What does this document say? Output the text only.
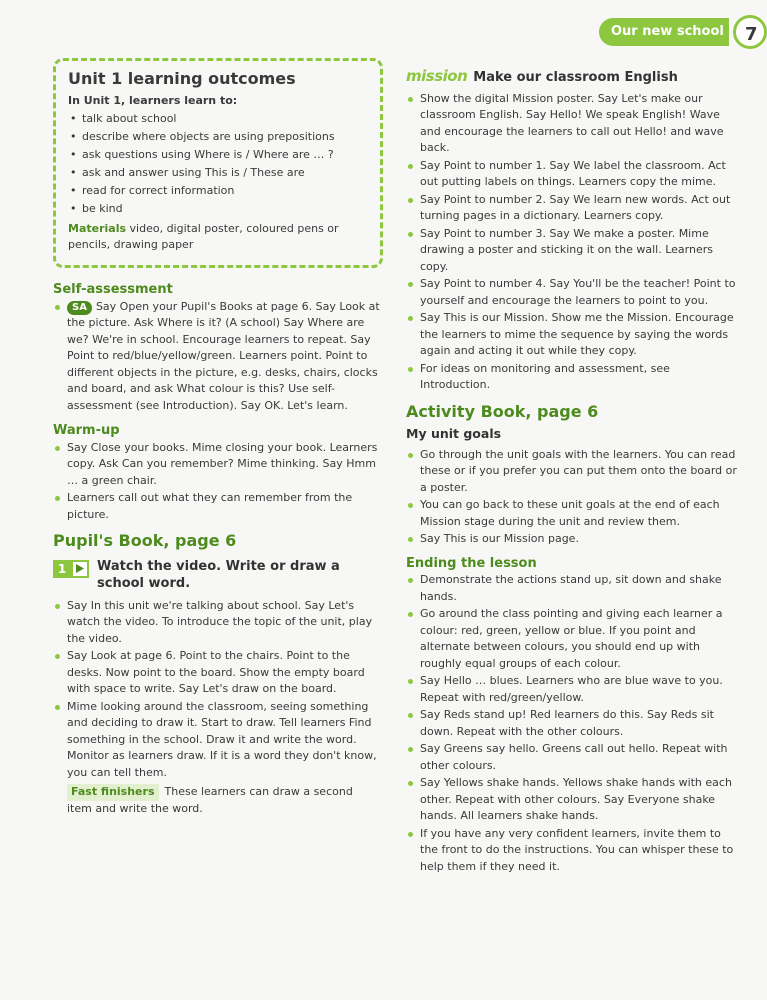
Our new school	7
Unit 1 learning outcomes
In Unit 1, learners learn to:
• talk about school
• describe where objects are using prepositions
• ask questions using Where is / Where are … ?
• ask and answer using This is / These are
• read for correct information
• be kind
Materials video, digital poster, coloured pens or pencils, drawing paper

Self-assessment

SA Say Open your Pupil's Books at page 6. Say Look at the picture. Ask Where is it? (A school) Say Where are we? We're in school. Encourage learners to repeat. Say Point to red/blue/yellow/green. Learners point. Point to different objects in the picture, e.g. desks, chairs, clocks and board, and ask What colour is this? Use self-assessment (see Introduction). Say OK. Let's learn.

Warm-up

Say Close your books. Mime closing your book. Learners copy. Ask Can you remember? Mime thinking. Say Hmm … a green chair.
Learners call out what they can remember from the picture.

Pupil's Book, page 6

1	Watch the video. Write or draw a school word.
Say In this unit we're talking about school. Say Let's watch the video. To introduce the topic of the unit, play the video.
Say Look at page 6. Point to the chairs. Point to the desks. Now point to the board. Show the empty board with space to write. Say Let's draw on the board.
Mime looking around the classroom, seeing something and deciding to draw it. Start to draw. Tell learners Find something in the school. Draw it and write the word. Monitor as learners draw. If it is a word they don't know, you can tell them.
Fast finishers These learners can draw a second item and write the word.
mission Make our classroom English
Show the digital Mission poster. Say Let's make our classroom English. Say Hello! We speak English! Wave and encourage the learners to call out Hello! and wave back.
Say Point to number 1. Say We label the classroom. Act out putting labels on things. Learners copy the mime.
Say Point to number 2. Say We learn new words. Act out turning pages in a dictionary. Learners copy.
Say Point to number 3. Say We make a poster. Mime drawing a poster and sticking it on the wall. Learners copy.
Say Point to number 4. Say You'll be the teacher! Point to yourself and encourage the learners to point to you.
Say This is our Mission. Show me the Mission. Encourage the learners to mime the sequence by saying the words again and acting it out while they copy.
For ideas on monitoring and assessment, see Introduction.

Activity Book, page 6

My unit goals

Go through the unit goals with the learners. You can read these or if you prefer you can put them onto the board or a poster.
You can go back to these unit goals at the end of each Mission stage during the unit and review them.
Say This is our Mission page.

Ending the lesson

Demonstrate the actions stand up, sit down and shake hands.
Go around the class pointing and giving each learner a colour: red, green, yellow or blue. If you point and alternate between colours, you should end up with roughly equal groups of each colour.
Say Hello … blues. Learners who are blue wave to you. Repeat with red/green/yellow.
Say Reds stand up! Red learners do this. Say Reds sit down. Repeat with the other colours.
Say Greens say hello. Greens call out hello. Repeat with other colours.
Say Yellows shake hands. Yellows shake hands with each other. Repeat with other colours. Say Everyone shake hands. All learners shake hands.
If you have any very confident learners, invite them to the front to do the instructions. You can whisper these to help them if they need it.
